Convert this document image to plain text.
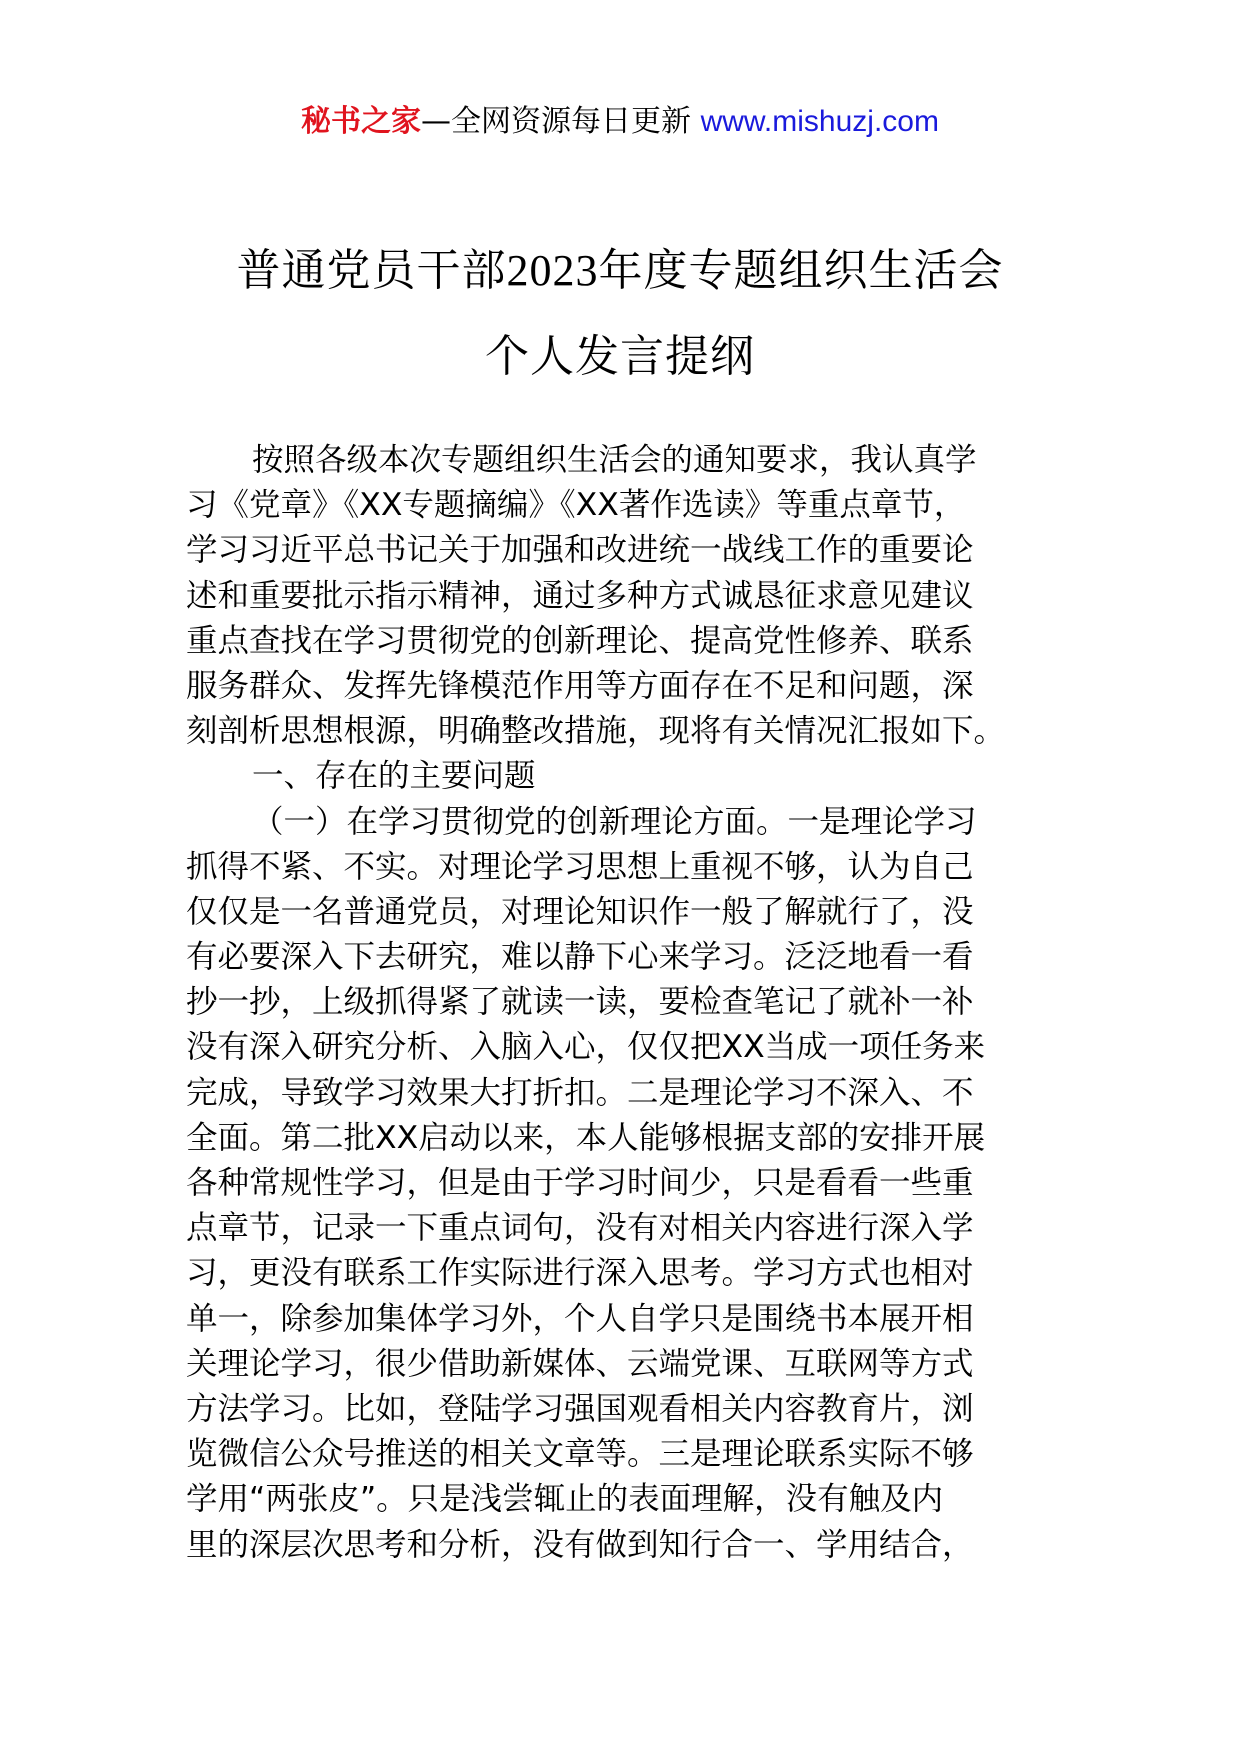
秘书之家—全网资源每日更新 www.mishuzj.com
普通党员干部2023年度专题组织生活会
个人发言提纲
按照各级本次专题组织生活会的通知要求，我认真学
习《党章》《XX专题摘编》《XX著作选读》等重点章节，
学习习近平总书记关于加强和改进统一战线工作的重要论
述和重要批示指示精神，通过多种方式诚恳征求意见建议
重点查找在学习贯彻党的创新理论、提高党性修养、联系
服务群众、发挥先锋模范作用等方面存在不足和问题，深
刻剖析思想根源，明确整改措施，现将有关情况汇报如下。
一、存在的主要问题
（一）在学习贯彻党的创新理论方面。一是理论学习
抓得不紧、不实。对理论学习思想上重视不够，认为自己
仅仅是一名普通党员，对理论知识作一般了解就行了，没
有必要深入下去研究，难以静下心来学习。泛泛地看一看
抄一抄，上级抓得紧了就读一读，要检查笔记了就补一补
没有深入研究分析、入脑入心，仅仅把XX当成一项任务来
完成，导致学习效果大打折扣。二是理论学习不深入、不
全面。第二批XX启动以来，本人能够根据支部的安排开展
各种常规性学习，但是由于学习时间少，只是看看一些重
点章节，记录一下重点词句，没有对相关内容进行深入学
习，更没有联系工作实际进行深入思考。学习方式也相对
单一，除参加集体学习外，个人自学只是围绕书本展开相
关理论学习，很少借助新媒体、云端党课、互联网等方式
方法学习。比如，登陆学习强国观看相关内容教育片，浏
览微信公众号推送的相关文章等。三是理论联系实际不够
学用“两张皮”。只是浅尝辄止的表面理解，没有触及内
里的深层次思考和分析，没有做到知行合一、学用结合，
